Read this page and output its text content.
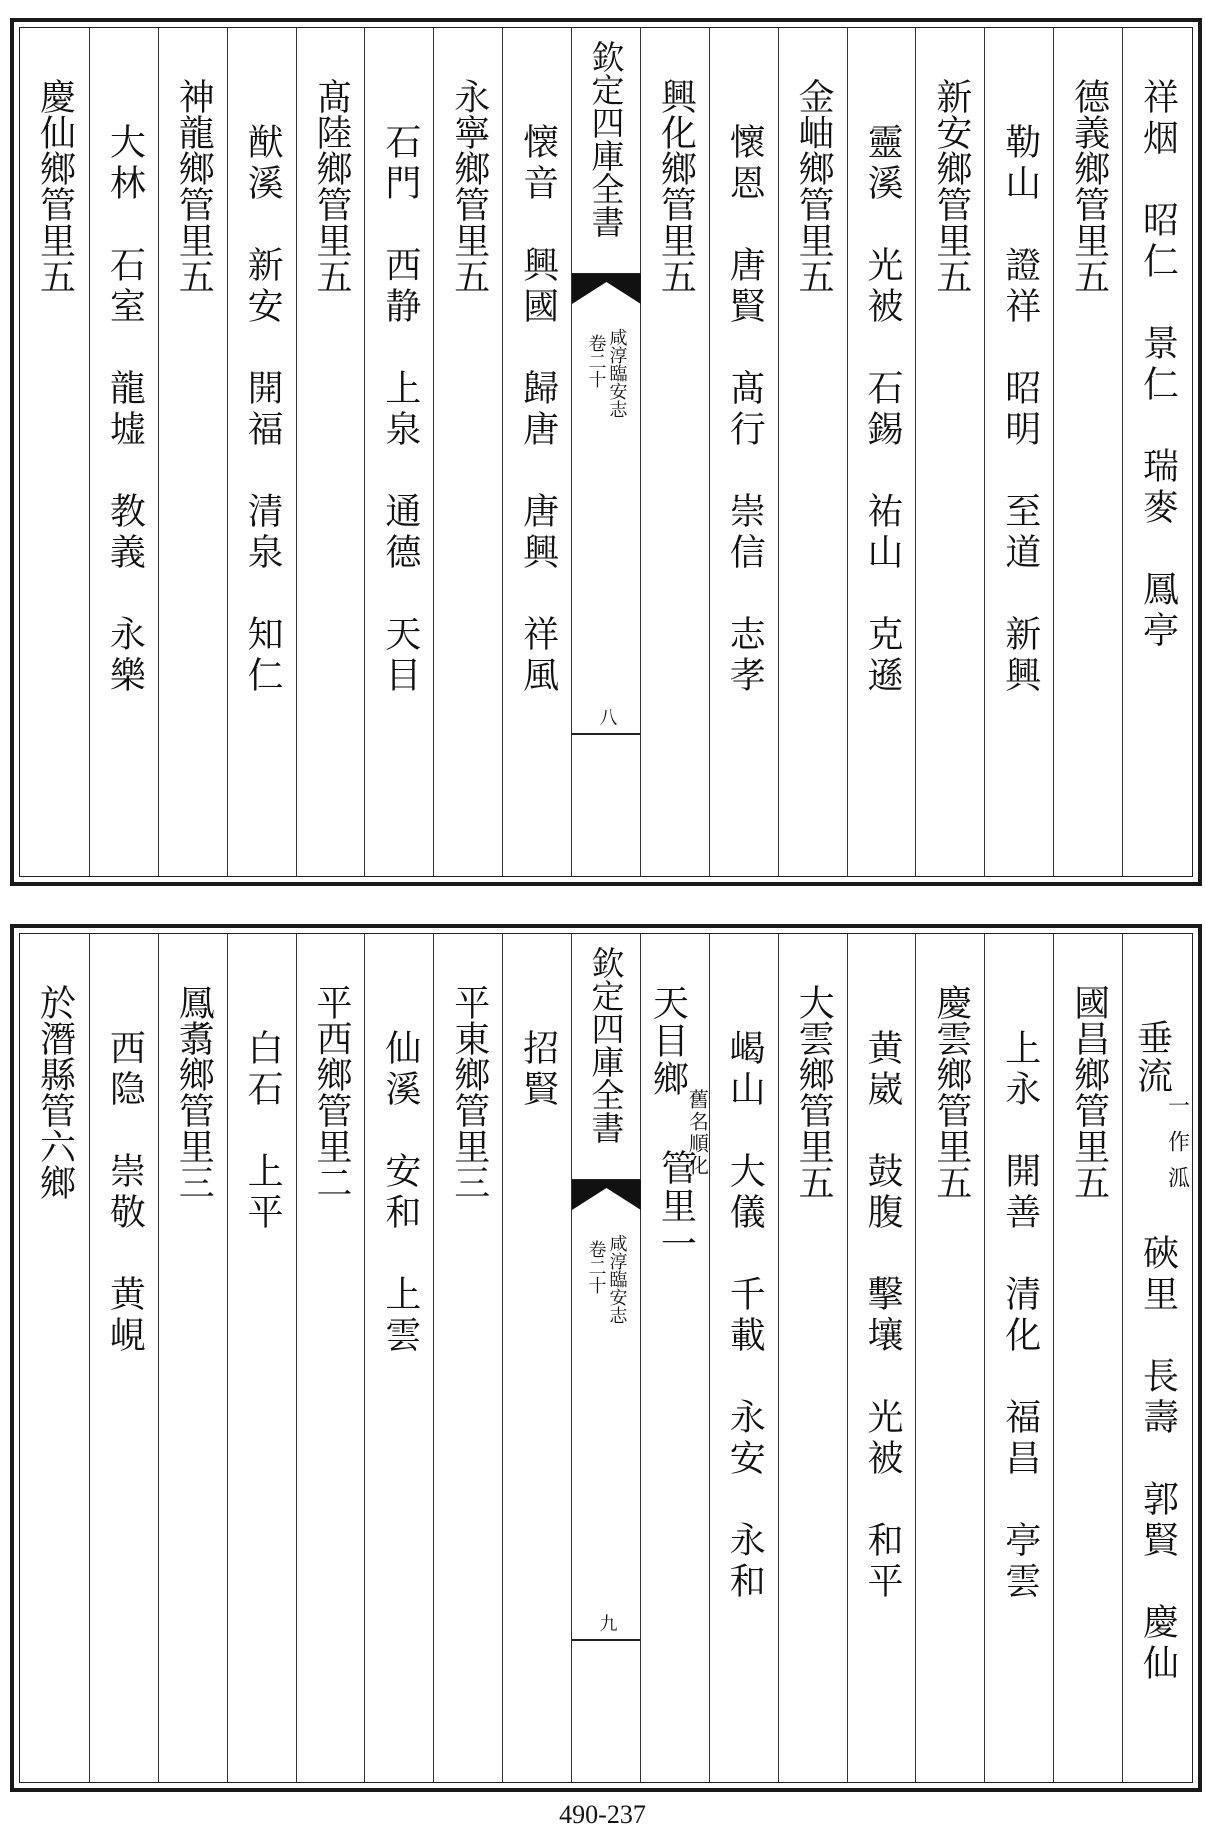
祥烟　昭仁　景仁　瑞麥　鳳亭
德義鄉管里五
勒山　證祥　昭明　至道　新興
新安鄉管里五
靈溪　光被　石錫　祐山　克遜
金岫鄉管里五
懷恩　唐賢　髙行　崇信　志孝
興化鄉管里五
欽定四庫全書
咸淳臨安志
卷二十
八
懐音　興國　歸唐　唐興　祥風
永寧鄉管里五
石門　西静　上泉　通德　天目
髙陸鄉管里五
猷溪　新安　開福　清泉　知仁
神龍鄉管里五
大林　石室　龍墟　教義　永樂
慶仙鄉管里五
垂流
一作泒
硤里　長壽　郭賢　慶仙
國昌鄉管里五
上永　開善　清化　福昌　亭雲
慶雲鄉管里五
黄崴　鼓腹　擊壤　光被　和平
大雲鄉管里五
嵑山　大儀　千載　永安　永和
天目鄉
舊名順化
管里一
欽定四庫全書
咸淳臨安志
卷二十
九
招賢
平東鄉管里三
仙溪　安和　上雲
平西鄉管里二
白石　上平
鳳翥鄉管里三
西隐　崇敬　黄峴
於潛縣管六鄉
490-237
